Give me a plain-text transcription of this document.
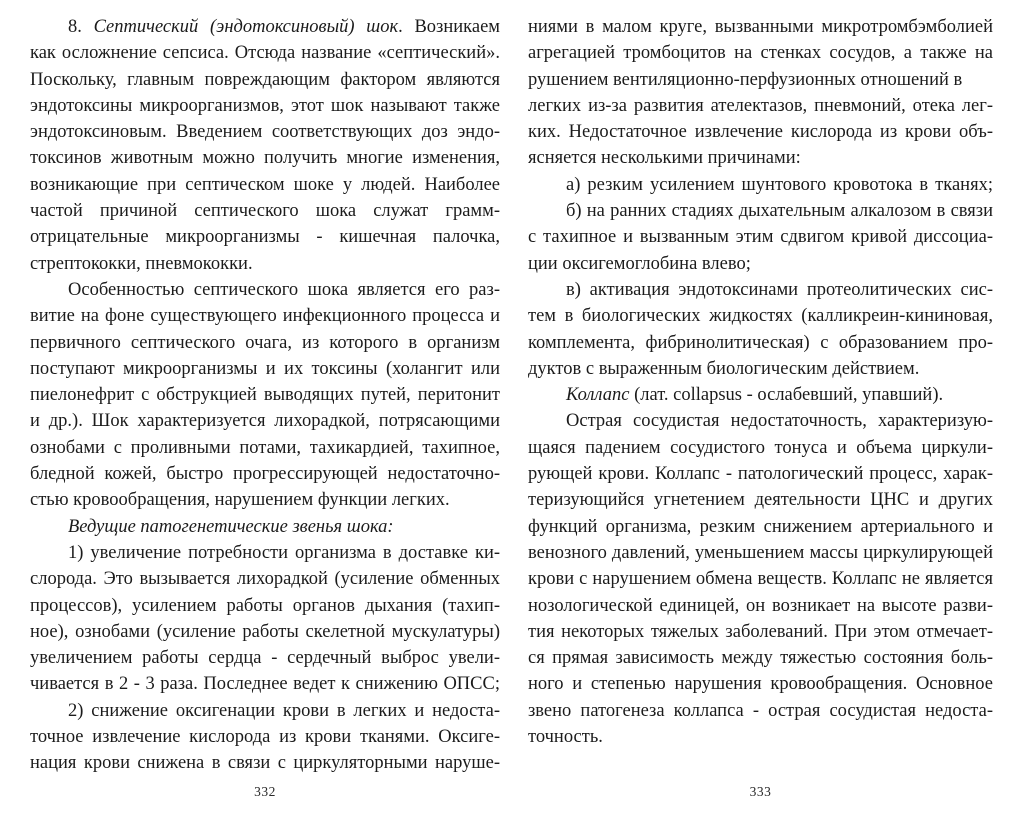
8. Септический (эндотоксиновый) шок. Возникаем
как осложнение сепсиса. Отсюда название «септический».
Поскольку, главным повреждающим фактором являются
эндотоксины микроорганизмов, этот шок называют также
эндотоксиновым. Введением соответствующих доз эндо-
токсинов животным можно получить многие изменения,
возникающие при септическом шоке у людей. Наиболее
частой причиной септического шока служат грамм-
отрицательные микроорганизмы - кишечная палочка,
стрептококки, пневмококки.
Особенностью септического шока является его раз-
витие на фоне существующего инфекционного процесса и
первичного септического очага, из которого в организм
поступают микроорганизмы и их токсины (холангит или
пиелонефрит с обструкцией выводящих путей, перитонит
и др.). Шок характеризуется лихорадкой, потрясающими
ознобами с проливными потами, тахикардией, тахипное,
бледной кожей, быстро прогрессирующей недостаточно-
стью кровообращения, нарушением функции легких.
Ведущие патогенетические звенья шока:
1) увеличение потребности организма в доставке ки-
слорода. Это вызывается лихорадкой (усиление обменных
процессов), усилением работы органов дыхания (тахип-
ное), ознобами (усиление работы скелетной мускулатуры)
увеличением работы сердца - сердечный выброс увели-
чивается в 2 - 3 раза. Последнее ведет к снижению ОПСС;
2) снижение оксигенации крови в легких и недоста-
точное извлечение кислорода из крови тканями. Оксиге-
нация крови снижена в связи с циркуляторными наруше-
332
ниями в малом круге, вызванными микротромбэмболией
агрегацией тромбоцитов на стенках сосудов, а также на
рушением вентиляционно-перфузионных отношений в
легких из-за развития ателектазов, пневмоний, отека лег-
ких. Недостаточное извлечение кислорода из крови объ-
ясняется несколькими причинами:
а) резким усилением шунтового кровотока в тканях;
б) на ранних стадиях дыхательным алкалозом в связи
с тахипное и вызванным этим сдвигом кривой диссоциа-
ции оксигемоглобина влево;
в) активация эндотоксинами протеолитических сис-
тем в биологических жидкостях (калликреин-кининовая,
комплемента, фибринолитическая) с образованием про-
дуктов с выраженным биологическим действием.
Коллапс (лат. collapsus - ослабевший, упавший).
Острая сосудистая недостаточность, характеризую-
щаяся падением сосудистого тонуса и объема циркули-
рующей крови. Коллапс - патологический процесс, харак-
теризующийся угнетением деятельности ЦНС и других
функций организма, резким снижением артериального и
венозного давлений, уменьшением массы циркулирующей
крови с нарушением обмена веществ. Коллапс не является
нозологической единицей, он возникает на высоте разви-
тия некоторых тяжелых заболеваний. При этом отмечает-
ся прямая зависимость между тяжестью состояния боль-
ного и степенью нарушения кровообращения. Основное
звено патогенеза коллапса - острая сосудистая недоста-
точность.
333
